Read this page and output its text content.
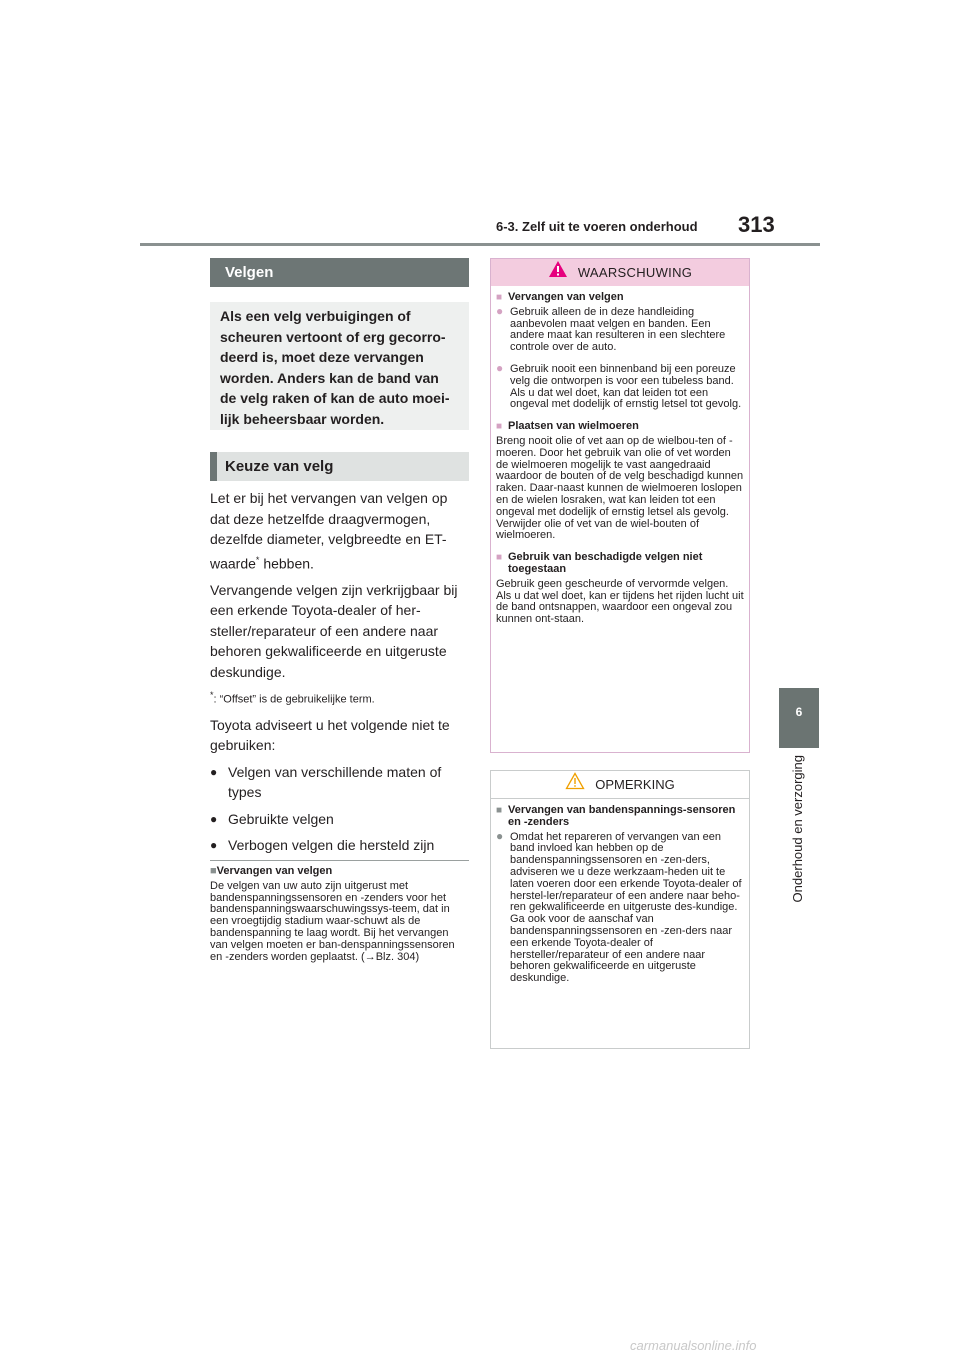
6-3. Zelf uit te voeren onderhoud 313
6
Onderhoud en verzorging
Velgen

Als een velg verbuigingen of

scheuren vertoont of erg gecorro-

deerd is, moet deze vervangen

worden. Anders kan de band van

de velg raken of kan de auto moei-

lijk beheersbaar worden.

Keuze van velg

Let er bij het vervangen van velgen op dat deze hetzelfde draagvermogen, dezelfde diameter, velgbreedte en ET-waarde* hebben.

Vervangende velgen zijn verkrijgbaar bij een erkende Toyota-dealer of her-steller/reparateur of een andere naar behoren gekwalificeerde en uitgeruste deskundige.

*: “Offset” is de gebruikelijke term.

Toyota adviseert u het volgende niet te gebruiken:

● Velgen van verschillende maten of types
● Gebruikte velgen
● Verbogen velgen die hersteld zijn
■Vervangen van velgen
De velgen van uw auto zijn uitgerust met bandenspanningssensoren en -zenders voor het bandenspanningswaarschuwingssys-teem, dat in een vroegtijdig stadium waar-schuwt als de bandenspanning te laag wordt. Bij het vervangen van velgen moeten er ban-denspanningssensoren en -zenders worden geplaatst. (→Blz. 304)
WAARSCHUWING

■ Vervangen van velgen

● Gebruik alleen de in deze handleiding aanbevolen maat velgen en banden. Een andere maat kan resulteren in een slechtere controle over de auto.

● Gebruik nooit een binnenband bij een poreuze velg die ontworpen is voor een tubeless band. Als u dat wel doet, kan dat leiden tot een ongeval met dodelijk of ernstig letsel tot gevolg.

■ Plaatsen van wielmoeren

Breng nooit olie of vet aan op de wielbou-ten of -moeren. Door het gebruik van olie of vet worden de wielmoeren mogelijk te vast aangedraaid waardoor de bouten of de velg beschadigd kunnen raken. Daar-naast kunnen de wielmoeren loslopen en de wielen losraken, wat kan leiden tot een ongeval met dodelijk of ernstig letsel als gevolg. Verwijder olie of vet van de wiel-bouten of wielmoeren.

■ Gebruik van beschadigde velgen niet toegestaan

Gebruik geen gescheurde of vervormde velgen. Als u dat wel doet, kan er tijdens het rijden lucht uit de band ontsnappen, waardoor een ongeval zou kunnen ont-staan.

OPMERKING

■ Vervangen van bandenspannings-sensoren en -zenders

● Omdat het repareren of vervangen van een band invloed kan hebben op de bandenspanningssensoren en -zen-ders, adviseren we u deze werkzaam-heden uit te laten voeren door een erkende Toyota-dealer of herstel-ler/reparateur of een andere naar beho-ren gekwalificeerde en uitgeruste des-kundige. Ga ook voor de aanschaf van bandenspanningssensoren en -zen-ders naar een erkende Toyota-dealer of hersteller/reparateur of een andere naar behoren gekwalificeerde en uitgeruste deskundige.

carmanualsonline.info
